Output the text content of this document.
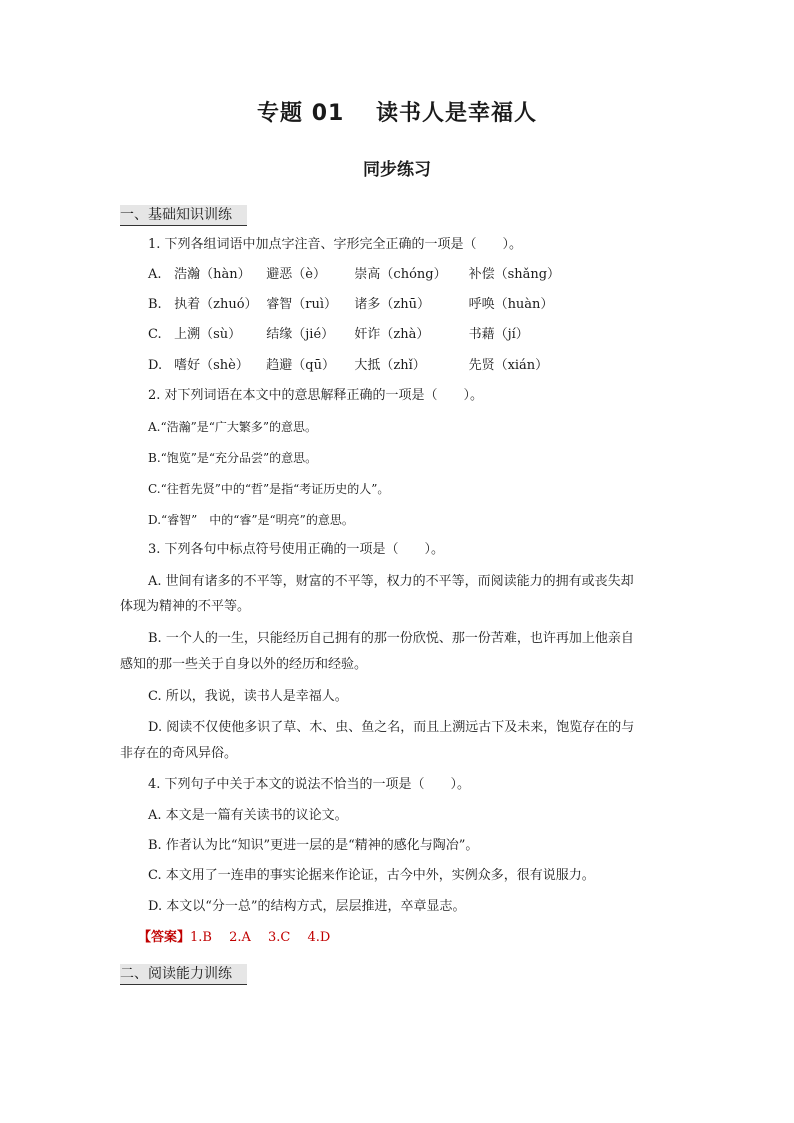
专题 01　 读书人是幸福人
同步练习
一、基础知识训练
1. 下列各组词语中加点字注音、字形完全正确的一项是（　　）。
A. 浩瀚（hàn） 避恶（è） 崇高（chóng） 补偿（shǎng）
B. 执着（zhuó） 睿智（ruì） 诸多（zhū）	呼唤（huàn）
C. 上溯（sù） 结缘（jié） 奸诈（zhà）	书藉（jí）
D. 嗜好（shè） 趋避（qū） 大抵（zhǐ）	先贤（xián）
2. 对下列词语在本文中的意思解释正确的一项是（　　）。
A.“浩瀚”是“广大繁多”的意思。
B.“饱览”是“充分品尝”的意思。
C.“往哲先贤”中的“哲”是指“考证历史的人”。
D.“睿智”　中的“睿”是“明亮”的意思。
3. 下列各句中标点符号使用正确的一项是（　　）。
A. 世间有诸多的不平等，财富的不平等，权力的不平等，而阅读能力的拥有或丧失却
体现为精神的不平等。
B. 一个人的一生，只能经历自己拥有的那一份欣悦、那一份苦难，也许再加上他亲自
感知的那一些关于自身以外的经历和经验。
C. 所以，我说，读书人是幸福人。
D. 阅读不仅使他多识了草、木、虫、鱼之名，而且上溯远古下及未来，饱览存在的与
非存在的奇风异俗。
4. 下列句子中关于本文的说法不恰当的一项是（　　）。
A. 本文是一篇有关读书的议论文。
B. 作者认为比“知识”更进一层的是“精神的感化与陶冶”。
C. 本文用了一连串的事实论据来作论证，古今中外，实例众多，很有说服力。
D. 本文以“分一总”的结构方式，层层推进，卒章显志。
【答案】1.B　 2.A　 3.C　 4.D
二、阅读能力训练
